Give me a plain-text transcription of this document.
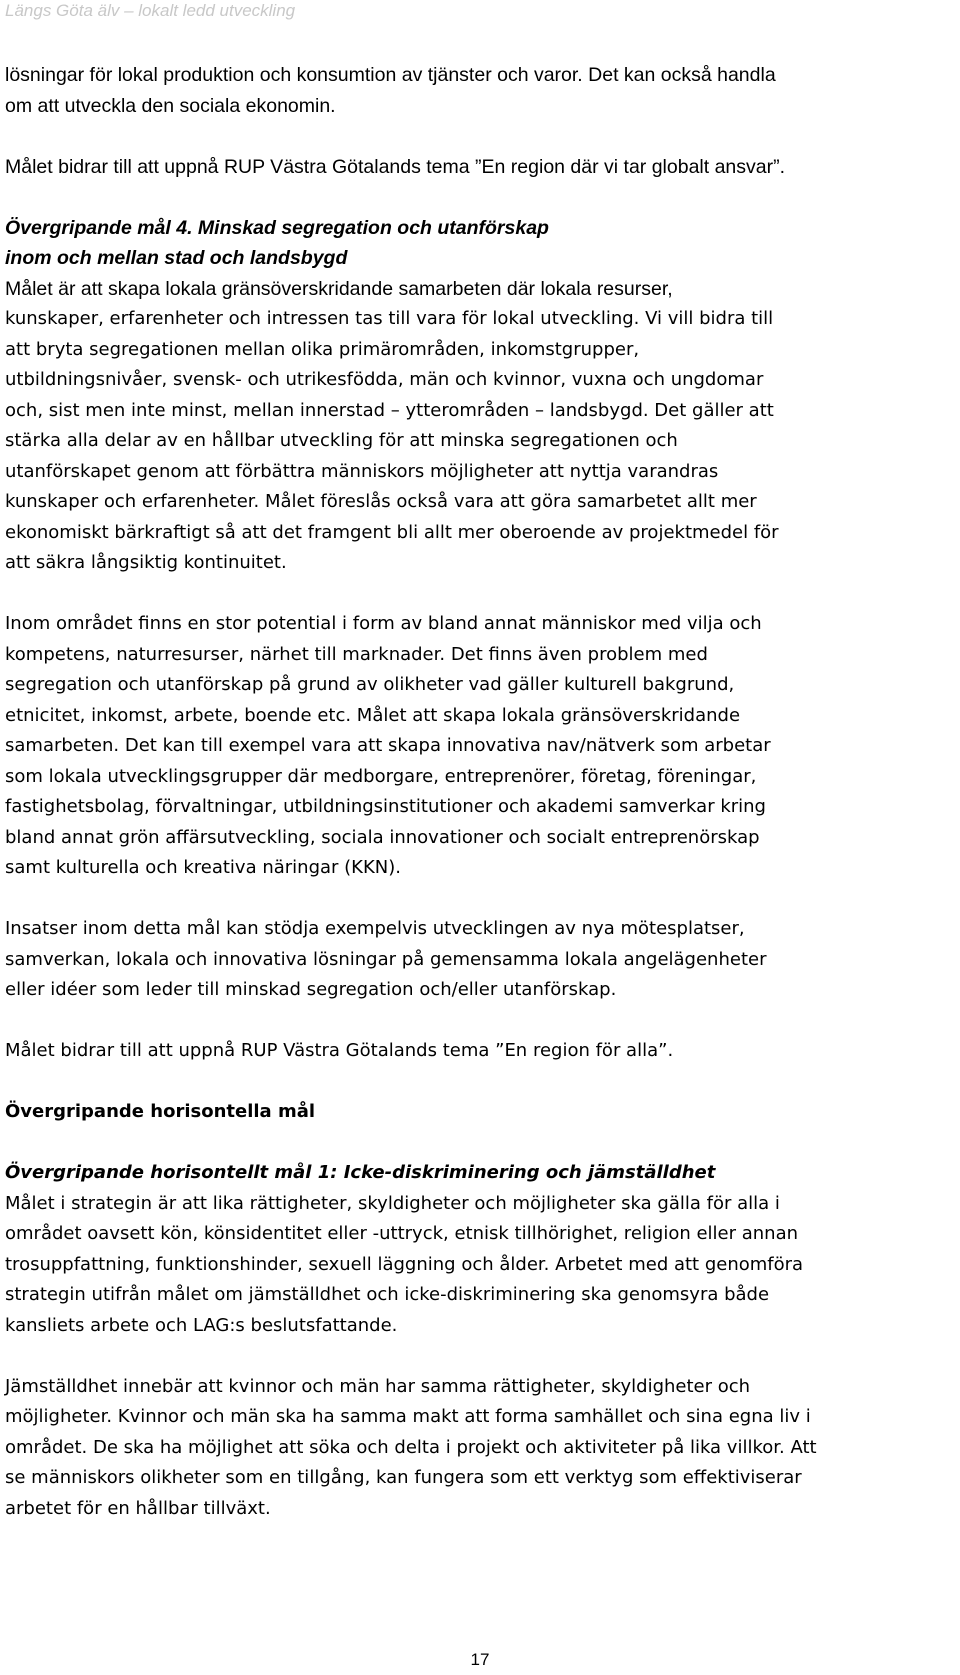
Längs Göta älv – lokalt ledd utveckling

lösningar för lokal produktion och konsumtion av tjänster och varor. Det kan också handla
om att utveckla den sociala ekonomin.

Målet bidrar till att uppnå RUP Västra Götalands tema ”En region där vi tar globalt ansvar”.

Övergripande mål 4. Minskad segregation och utanförskap
inom och mellan stad och landsbygd
Målet är att skapa lokala gränsöverskridande samarbeten där lokala resurser,

kunskaper, erfarenheter och intressen tas till vara för lokal utveckling. Vi vill bidra till
att bryta segregationen mellan olika primärområden, inkomstgrupper,
utbildningsnivåer, svensk- och utrikesfödda, män och kvinnor, vuxna och ungdomar
och, sist men inte minst, mellan innerstad – ytterområden – landsbygd. Det gäller att
stärka alla delar av en hållbar utveckling för att minska segregationen och
utanförskapet genom att förbättra människors möjligheter att nyttja varandras
kunskaper och erfarenheter. Målet föreslås också vara att göra samarbetet allt mer
ekonomiskt bärkraftigt så att det framgent bli allt mer oberoende av projektmedel för
att säkra långsiktig kontinuitet.

Inom området finns en stor potential i form av bland annat människor med vilja och
kompetens, naturresurser, närhet till marknader. Det finns även problem med
segregation och utanförskap på grund av olikheter vad gäller kulturell bakgrund,
etnicitet, inkomst, arbete, boende etc. Målet att skapa lokala gränsöverskridande
samarbeten. Det kan till exempel vara att skapa innovativa nav/nätverk som arbetar
som lokala utvecklingsgrupper där medborgare, entreprenörer, företag, föreningar,
fastighetsbolag, förvaltningar, utbildningsinstitutioner och akademi samverkar kring
bland annat grön affärsutveckling, sociala innovationer och socialt entreprenörskap
samt kulturella och kreativa näringar (KKN).

Insatser inom detta mål kan stödja exempelvis utvecklingen av nya mötesplatser,
samverkan, lokala och innovativa lösningar på gemensamma lokala angelägenheter
eller idéer som leder till minskad segregation och/eller utanförskap.

Målet bidrar till att uppnå RUP Västra Götalands tema ”En region för alla”.

Övergripande horisontella mål

Övergripande horisontellt mål 1: Icke-diskriminering och jämställdhet
Målet i strategin är att lika rättigheter, skyldigheter och möjligheter ska gälla för alla i
området oavsett kön, könsidentitet eller -uttryck, etnisk tillhörighet, religion eller annan
trosuppfattning, funktionshinder, sexuell läggning och ålder. Arbetet med att genomföra
strategin utifrån målet om jämställdhet och icke-diskriminering ska genomsyra både
kansliets arbete och LAG:s beslutsfattande.

Jämställdhet innebär att kvinnor och män har samma rättigheter, skyldigheter och
möjligheter. Kvinnor och män ska ha samma makt att forma samhället och sina egna liv i
området. De ska ha möjlighet att söka och delta i projekt och aktiviteter på lika villkor. Att
se människors olikheter som en tillgång, kan fungera som ett verktyg som effektiviserar
arbetet för en hållbar tillväxt.

17
